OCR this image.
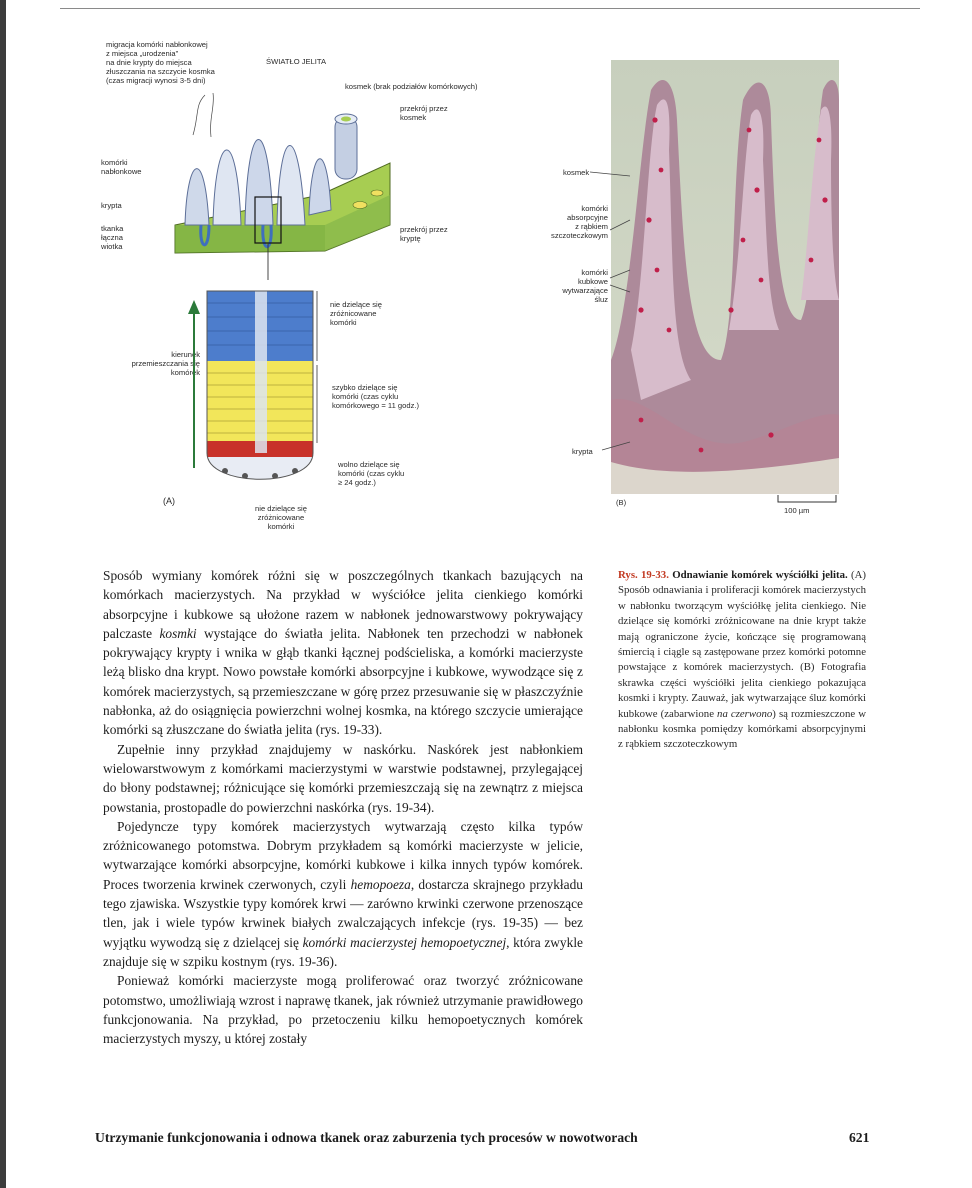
migracja komórki nabłonkowej
z miejsca „urodzenia”
na dnie krypty do miejsca
złuszczania na szczycie kosmka
(czas migracji wynosi 3-5 dni)
ŚWIATŁO JELITA
kosmek (brak podziałów komórkowych)
przekrój przez
kosmek
komórki
nabłonkowe
krypta
tkanka
łączna
wiotka
przekrój przez
kryptę
nie dzielące się
zróżnicowane
komórki
kierunek
przemieszczania się
komórek
szybko dzielące się
komórki (czas cyklu
komórkowego = 11 godz.)
wolno dzielące się
komórki (czas cyklu
≥ 24 godz.)
nie dzielące się
zróżnicowane
komórki
(A)
kosmek
komórki
absorpcyjne
z rąbkiem
szczoteczkowym
komórki
kubkowe
wytwarzające
śluz
krypta
(B)
100 µm

Sposób wymiany komórek różni się w poszczególnych tkankach bazujących na komórkach macierzystych. Na przykład w wyściółce jelita cienkiego komórki absorpcyjne i kubkowe są ułożone razem w nabłonek jednowarstwowy pokrywający palczaste kosmki wystające do światła jelita. Nabłonek ten przechodzi w nabłonek pokrywający krypty i wnika w głąb tkanki łącznej podścieliska, a komórki macierzyste leżą blisko dna krypt. Nowo powstałe komórki absorpcyjne i kubkowe, wywodzące się z komórek macierzystych, są przemieszczane w górę przez przesuwanie się w płaszczyźnie nabłonka, aż do osiągnięcia powierzchni wolnej kosmka, na którego szczycie umierające komórki są złuszczane do światła jelita (rys. 19-33).

Zupełnie inny przykład znajdujemy w naskórku. Naskórek jest nabłonkiem wielowarstwowym z komórkami macierzystymi w warstwie podstawnej, przylegającej do błony podstawnej; różnicujące się komórki przemieszczają się na zewnątrz z miejsca powstania, prostopadle do powierzchni naskórka (rys. 19-34).

Pojedyncze typy komórek macierzystych wytwarzają często kilka typów zróżnicowanego potomstwa. Dobrym przykładem są komórki macierzyste w jelicie, wytwarzające komórki absorpcyjne, komórki kubkowe i kilka innych typów komórek. Proces tworzenia krwinek czerwonych, czyli hemopoeza, dostarcza skrajnego przykładu tego zjawiska. Wszystkie typy komórek krwi — zarówno krwinki czerwone przenoszące tlen, jak i wiele typów krwinek białych zwalczających infekcje (rys. 19-35) — bez wyjątku wywodzą się z dzielącej się komórki macierzystej hemopoetycznej, która zwykle znajduje się w szpiku kostnym (rys. 19-36).

Ponieważ komórki macierzyste mogą proliferować oraz tworzyć zróżnicowane potomstwo, umożliwiają wzrost i naprawę tkanek, jak również utrzymanie prawidłowego funkcjonowania. Na przykład, po przetoczeniu kilku hemopoetycznych komórek macierzystych myszy, u której zostały

Rys. 19-33. Odnawianie komórek wyściółki jelita. (A) Sposób odnawiania i proliferacji komórek macierzystych w nabłonku tworzącym wyściółkę jelita cienkiego. Nie dzielące się komórki zróżnicowane na dnie krypt także mają ograniczone życie, kończące się programowaną śmiercią i ciągle są zastępowane przez komórki potomne powstające z komórek macierzystych. (B) Fotografia skrawka części wyściółki jelita cienkiego pokazująca kosmki i krypty. Zauważ, jak wytwarzające śluz komórki kubkowe (zabarwione na czerwono) są rozmieszczone w nabłonku kosmka pomiędzy komórkami absorpcyjnymi z rąbkiem szczoteczkowym
Utrzymanie funkcjonowania i odnowa tkanek oraz zaburzenia tych procesów w nowotworach	621
